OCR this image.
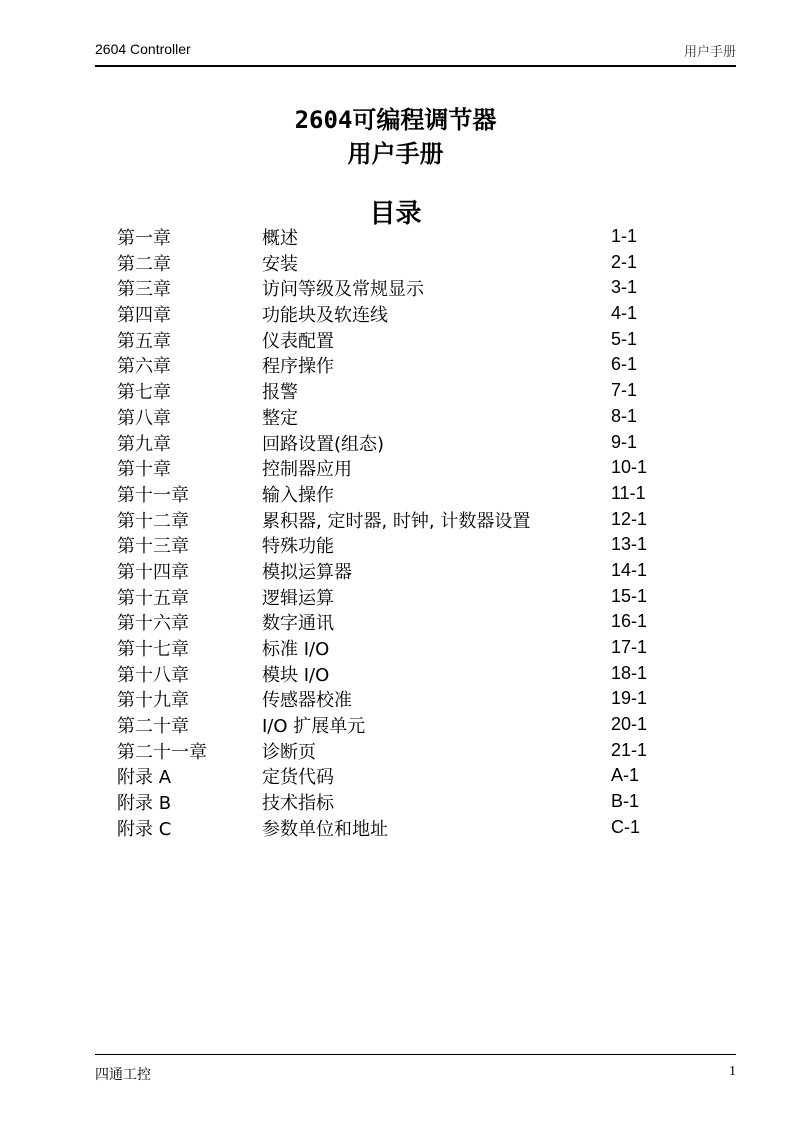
2604 Controller	用户手册
2604可编程调节器
用户手册
目录
第一章	概述	1-1
第二章	安装	2-1
第三章	访问等级及常规显示	3-1
第四章	功能块及软连线	4-1
第五章	仪表配置	5-1
第六章	程序操作	6-1
第七章	报警	7-1
第八章	整定	8-1
第九章	回路设置(组态)	9-1
第十章	控制器应用	10-1
第十一章	输入操作	11-1
第十二章	累积器, 定时器, 时钟, 计数器设置	12-1
第十三章	特殊功能	13-1
第十四章	模拟运算器	14-1
第十五章	逻辑运算	15-1
第十六章	数字通讯	16-1
第十七章	标准 I/O	17-1
第十八章	模块 I/O	18-1
第十九章	传感器校准	19-1
第二十章	I/O 扩展单元	20-1
第二十一章	诊断页	21-1
附录 A	定货代码	A-1
附录 B	技术指标	B-1
附录 C	参数单位和地址	C-1
四通工控	1
